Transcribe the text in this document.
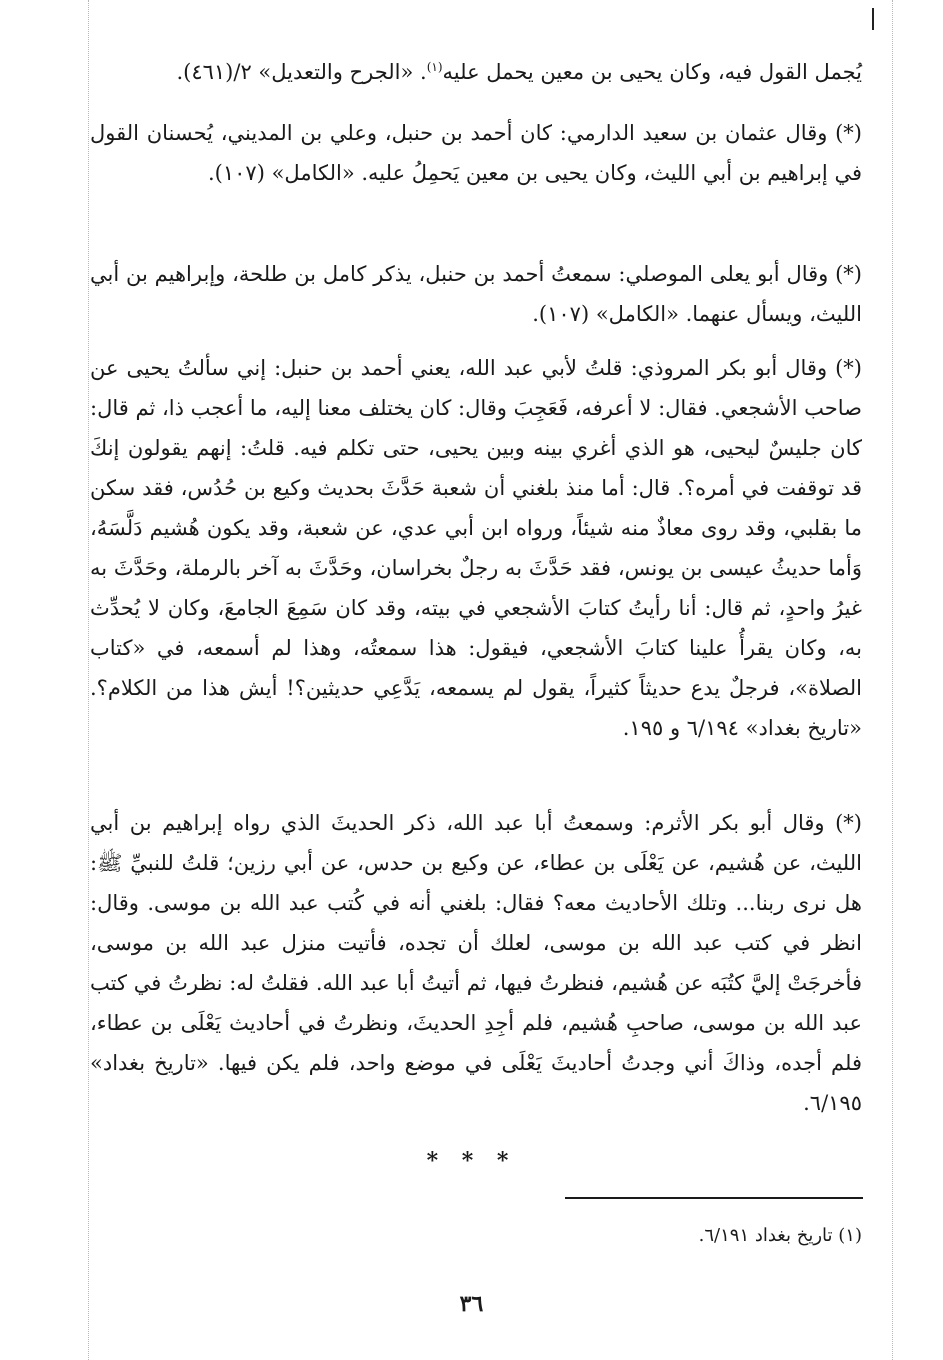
يُجمل القول فيه، وكان يحيى بن معين يحمل عليه$^{(١)}$. «الجرح والتعديل» ٢/(٤٦١).

(*) وقال عثمان بن سعيد الدارمي: كان أحمد بن حنبل، وعلي بن المديني، يُحسنان القول في إبراهيم بن أبي الليث، وكان يحيى بن معين يَحمِلُ عليه. «الكامل» (١٠٧).

(*) وقال أبو يعلى الموصلي: سمعتُ أحمد بن حنبل، يذكر كامل بن طلحة، وإبراهيم بن أبي الليث، ويسأل عنهما. «الكامل» (١٠٧).

(*) وقال أبو بكر المروذي: قلتُ لأبي عبد الله، يعني أحمد بن حنبل: إني سألتُ يحيى عن صاحب الأشجعي. فقال: لا أعرفه، فَعَجِبَ وقال: كان يختلف معنا إليه، ما أعجب ذا، ثم قال: كان جليسٌ ليحيى، هو الذي أغري بينه وبين يحيى، حتى تكلم فيه. قلتُ: إنهم يقولون إنكَ قد توقفت في أمره؟. قال: أما منذ بلغني أن شعبة حَدَّثَ بحديث وكيع بن حُدُس، فقد سكن ما بقلبي، وقد روى معاذٌ منه شيئاً، ورواه ابن أبي عدي، عن شعبة، وقد يكون هُشيم دَلَّسَهُ، وَأما حديثُ عيسى بن يونس، فقد حَدَّثَ به رجلٌ بخراسان، وحَدَّثَ به آخر بالرملة، وحَدَّثَ به غيرُ واحدٍ، ثم قال: أنا رأيتُ كتابَ الأشجعي في بيته، وقد كان سَمِعَ الجامعَ، وكان لا يُحدِّث به، وكان يقرأُ علينا كتابَ الأشجعي، فيقول: هذا سمعتُه، وهذا لم أسمعه، في «كتاب الصلاة»، فرجلٌ يدع حديثاً كثيراً، يقول لم يسمعه، يَدَّعِي حديثين؟! أيش هذا من الكلام؟. «تاريخ بغداد» ٦/١٩٤ و ١٩٥.

(*) وقال أبو بكر الأثرم: وسمعتُ أبا عبد الله، ذكر الحديثَ الذي رواه إبراهيم بن أبي الليث، عن هُشيم، عن يَعْلَى بن عطاء، عن وكيع بن حدس، عن أبي رزين؛ قلتُ للنبيِّ ﷺ: هل نرى ربنا... وتلك الأحاديث معه؟ فقال: بلغني أنه في كُتب عبد الله بن موسى. وقال: انظر في كتب عبد الله بن موسى، لعلك أن تجده، فأتيت منزل عبد الله بن موسى، فأخرجَتْ إليَّ كتُبَه عن هُشيم، فنظرتُ فيها، ثم أتيتُ أبا عبد الله. فقلتُ له: نظرتُ في كتب عبد الله بن موسى، صاحبِ هُشيم، فلم أجِدِ الحديثَ، ونظرتُ في أحاديث يَعْلَى بن عطاء، فلم أجده، وذاكَ أني وجدتُ أحاديثَ يَعْلَى في موضع واحد، فلم يكن فيها. «تاريخ بغداد» ٦/١٩٥.

* * *
(١) تاريخ بغداد ٦/١٩١.
٣٦
